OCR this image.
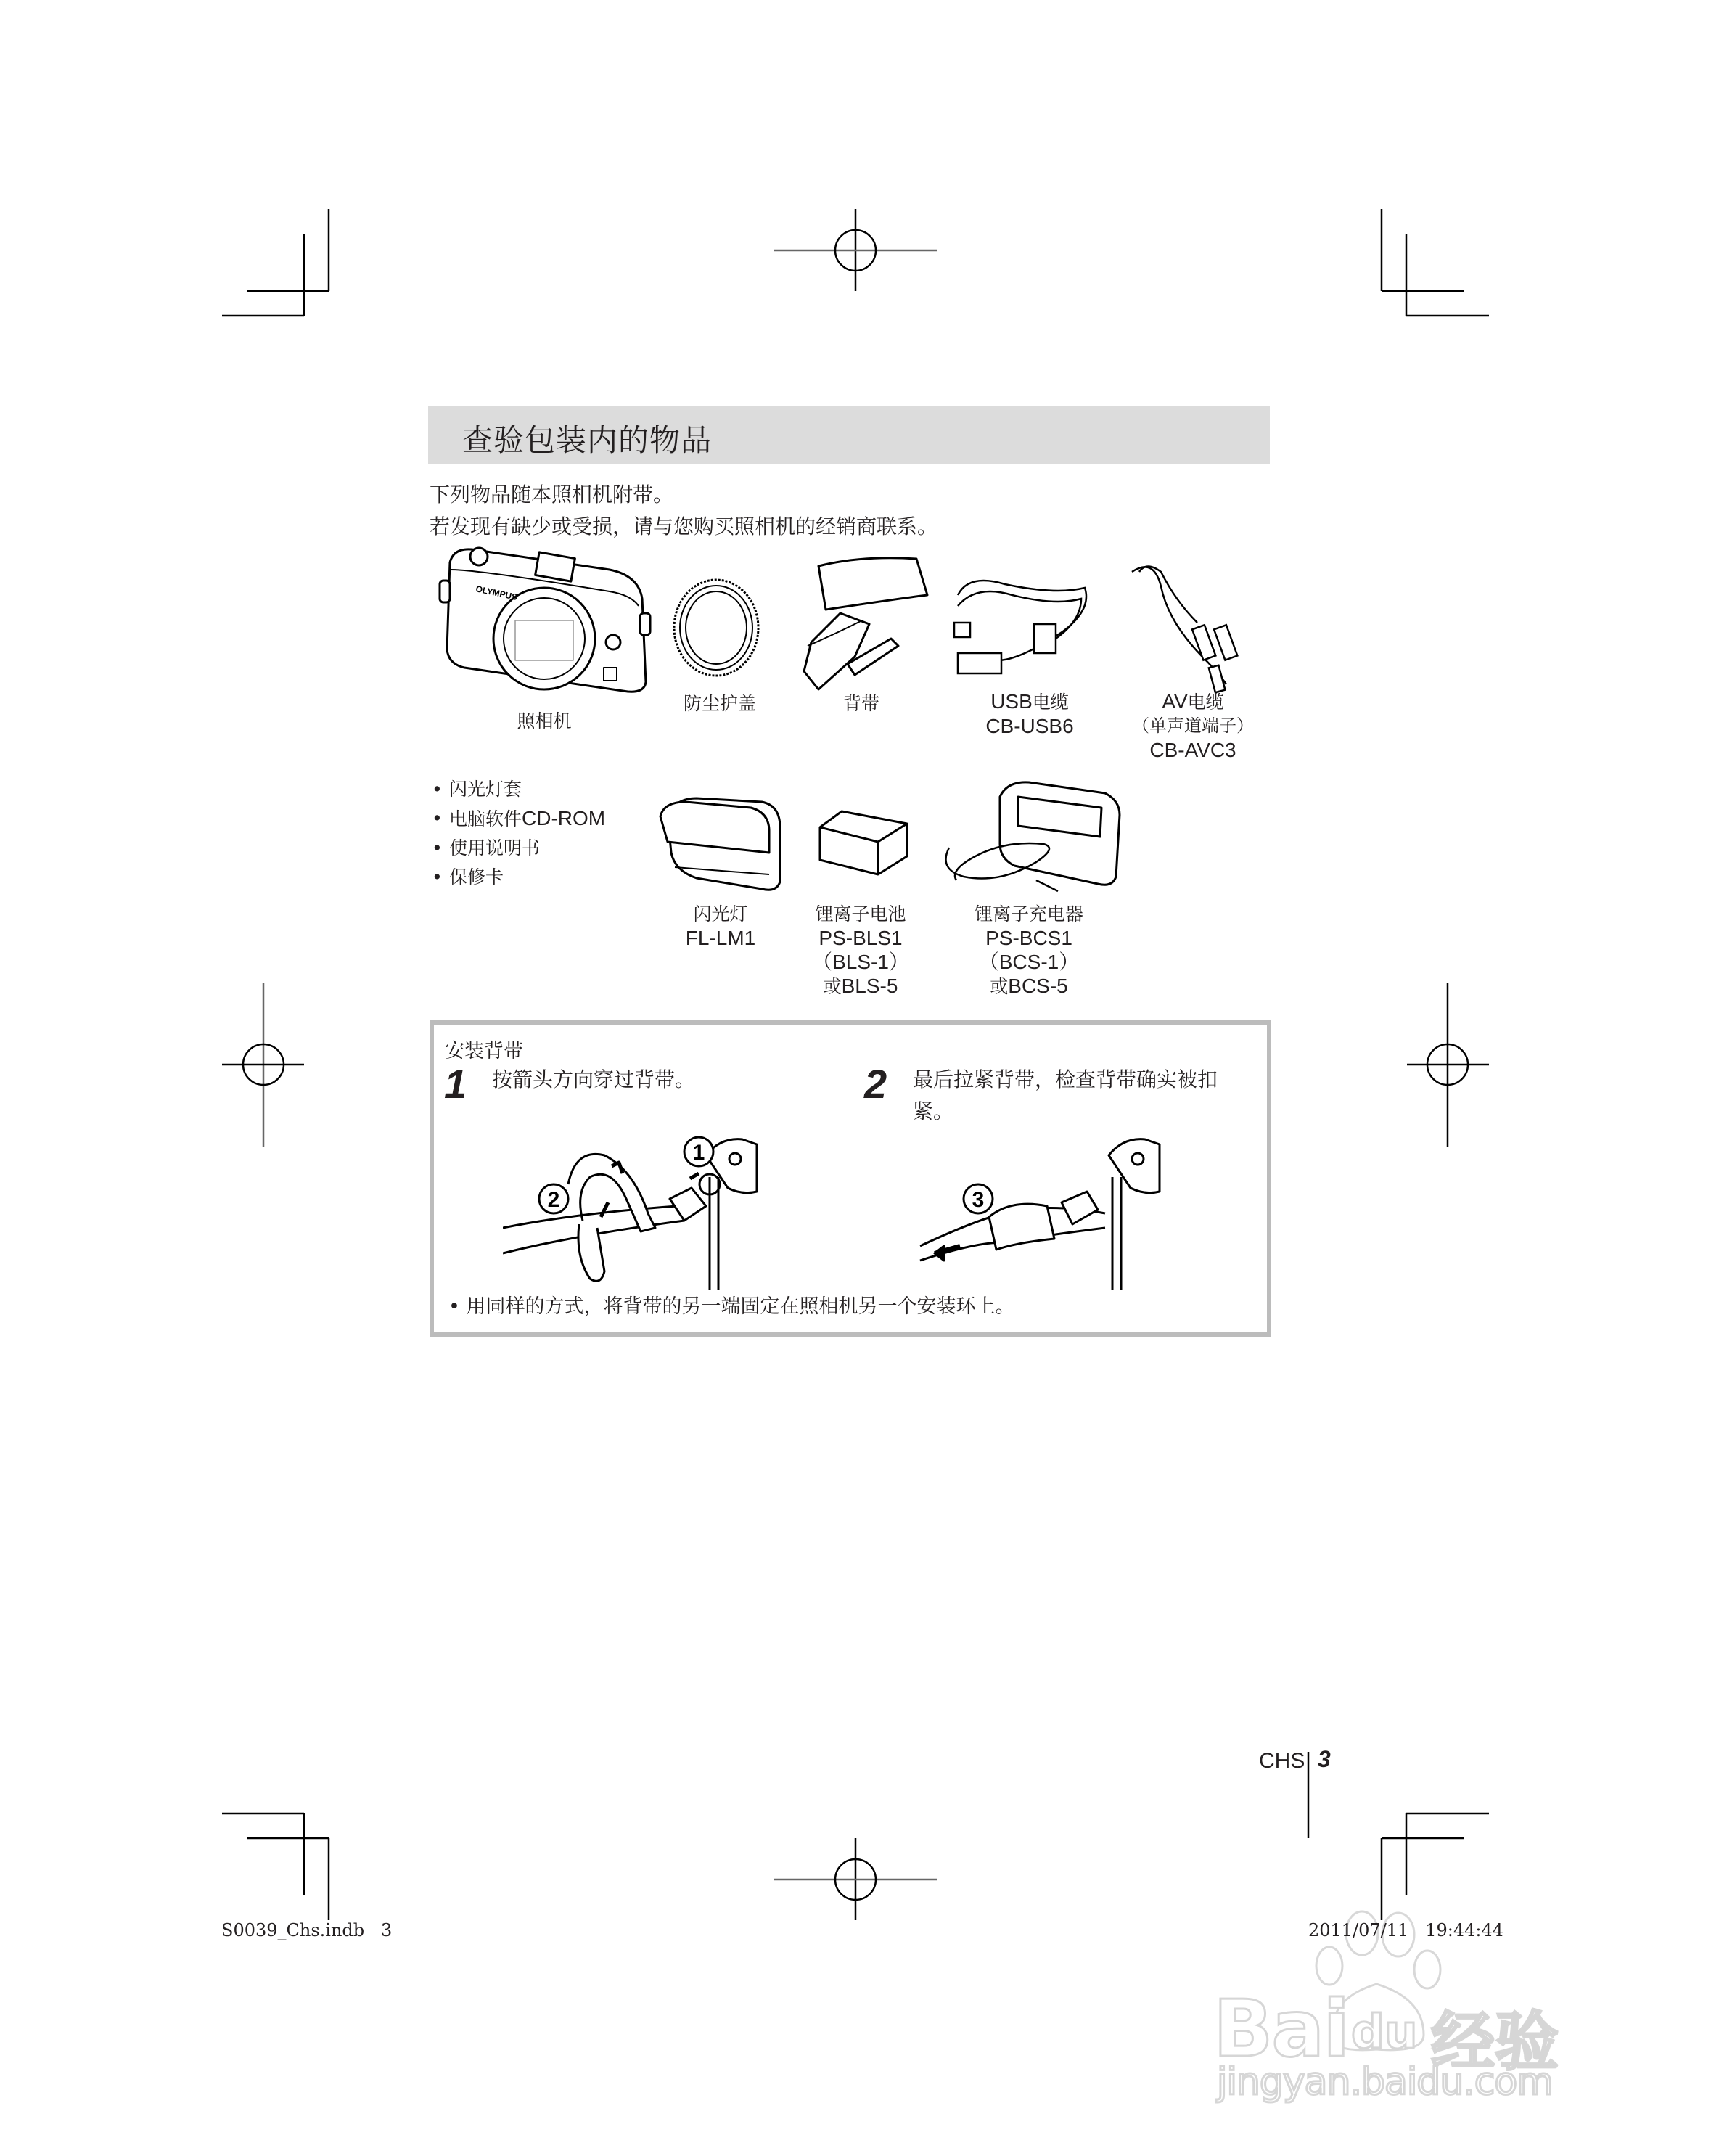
查验包装内的物品
下列物品随本照相机附带。
若发现有缺少或受损，请与您购买照相机的经销商联系。
OLYMPUS
照相机
防尘护盖	背带	USB电缆
CB-USB6
AV电缆
（单声道端子）
CB-AVC3
• 闪光灯套
• 电脑软件CD-ROM
• 使用说明书
• 保修卡
闪光灯
FL-LM1
锂离子电池
PS-BLS1
（BLS-1）
或BLS-5
锂离子充电器
PS-BCS1
（BCS-1）
或BCS-5
安装背带
1 按箭头方向穿过背带。	2 最后拉紧背带，检查背带确实被扣
紧。
1
2	3
• 用同样的方式，将背带的另一端固定在照相机另一个安装环上。
CHS 3
S0039_Chs.indb   3
Bai du 经验
jingyan.baidu.com
2011/07/11   19:44:44
